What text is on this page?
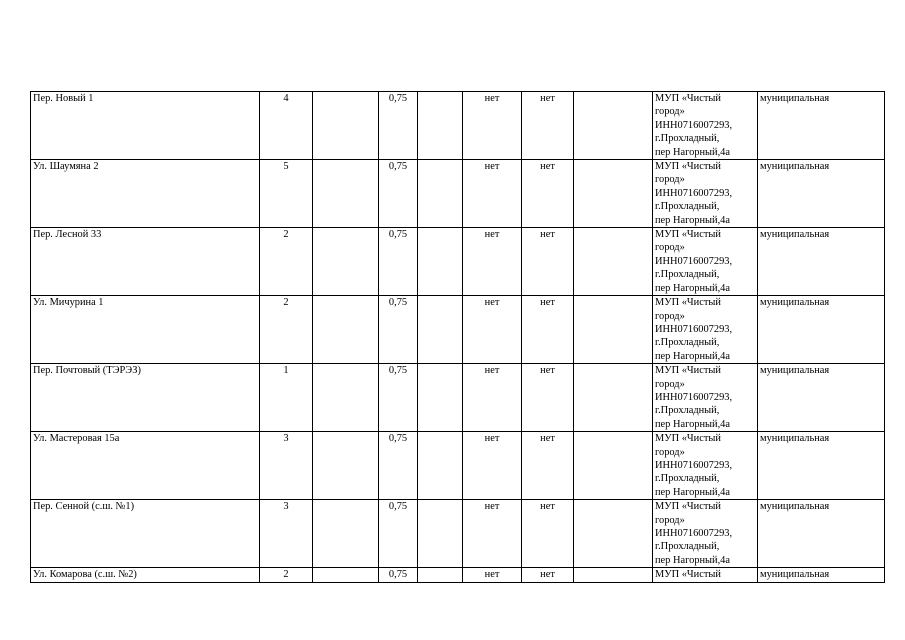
Пер. Новый 1	4		0,75		нет	нет		МУП «Чистый
город»
ИНН0716007293,
г.Прохладный,
пер Нагорный,4а	муниципальная
Ул. Шаумяна 2	5		0,75		нет	нет		МУП «Чистый
город»
ИНН0716007293,
г.Прохладный,
пер Нагорный,4а	муниципальная
Пер. Лесной 33	2		0,75		нет	нет		МУП «Чистый
город»
ИНН0716007293,
г.Прохладный,
пер Нагорный,4а	муниципальная
Ул. Мичурина 1	2		0,75		нет	нет		МУП «Чистый
город»
ИНН0716007293,
г.Прохладный,
пер Нагорный,4а	муниципальная
Пер. Почтовый (ТЭРЭЗ)	1		0,75		нет	нет		МУП «Чистый
город»
ИНН0716007293,
г.Прохладный,
пер Нагорный,4а	муниципальная
Ул. Мастеровая 15а	3		0,75		нет	нет		МУП «Чистый
город»
ИНН0716007293,
г.Прохладный,
пер Нагорный,4а	муниципальная
Пер. Сенной (с.ш. №1)	3		0,75		нет	нет		МУП «Чистый
город»
ИНН0716007293,
г.Прохладный,
пер Нагорный,4а	муниципальная
Ул. Комарова (с.ш. №2)	2		0,75		нет	нет		МУП «Чистый	муниципальная
